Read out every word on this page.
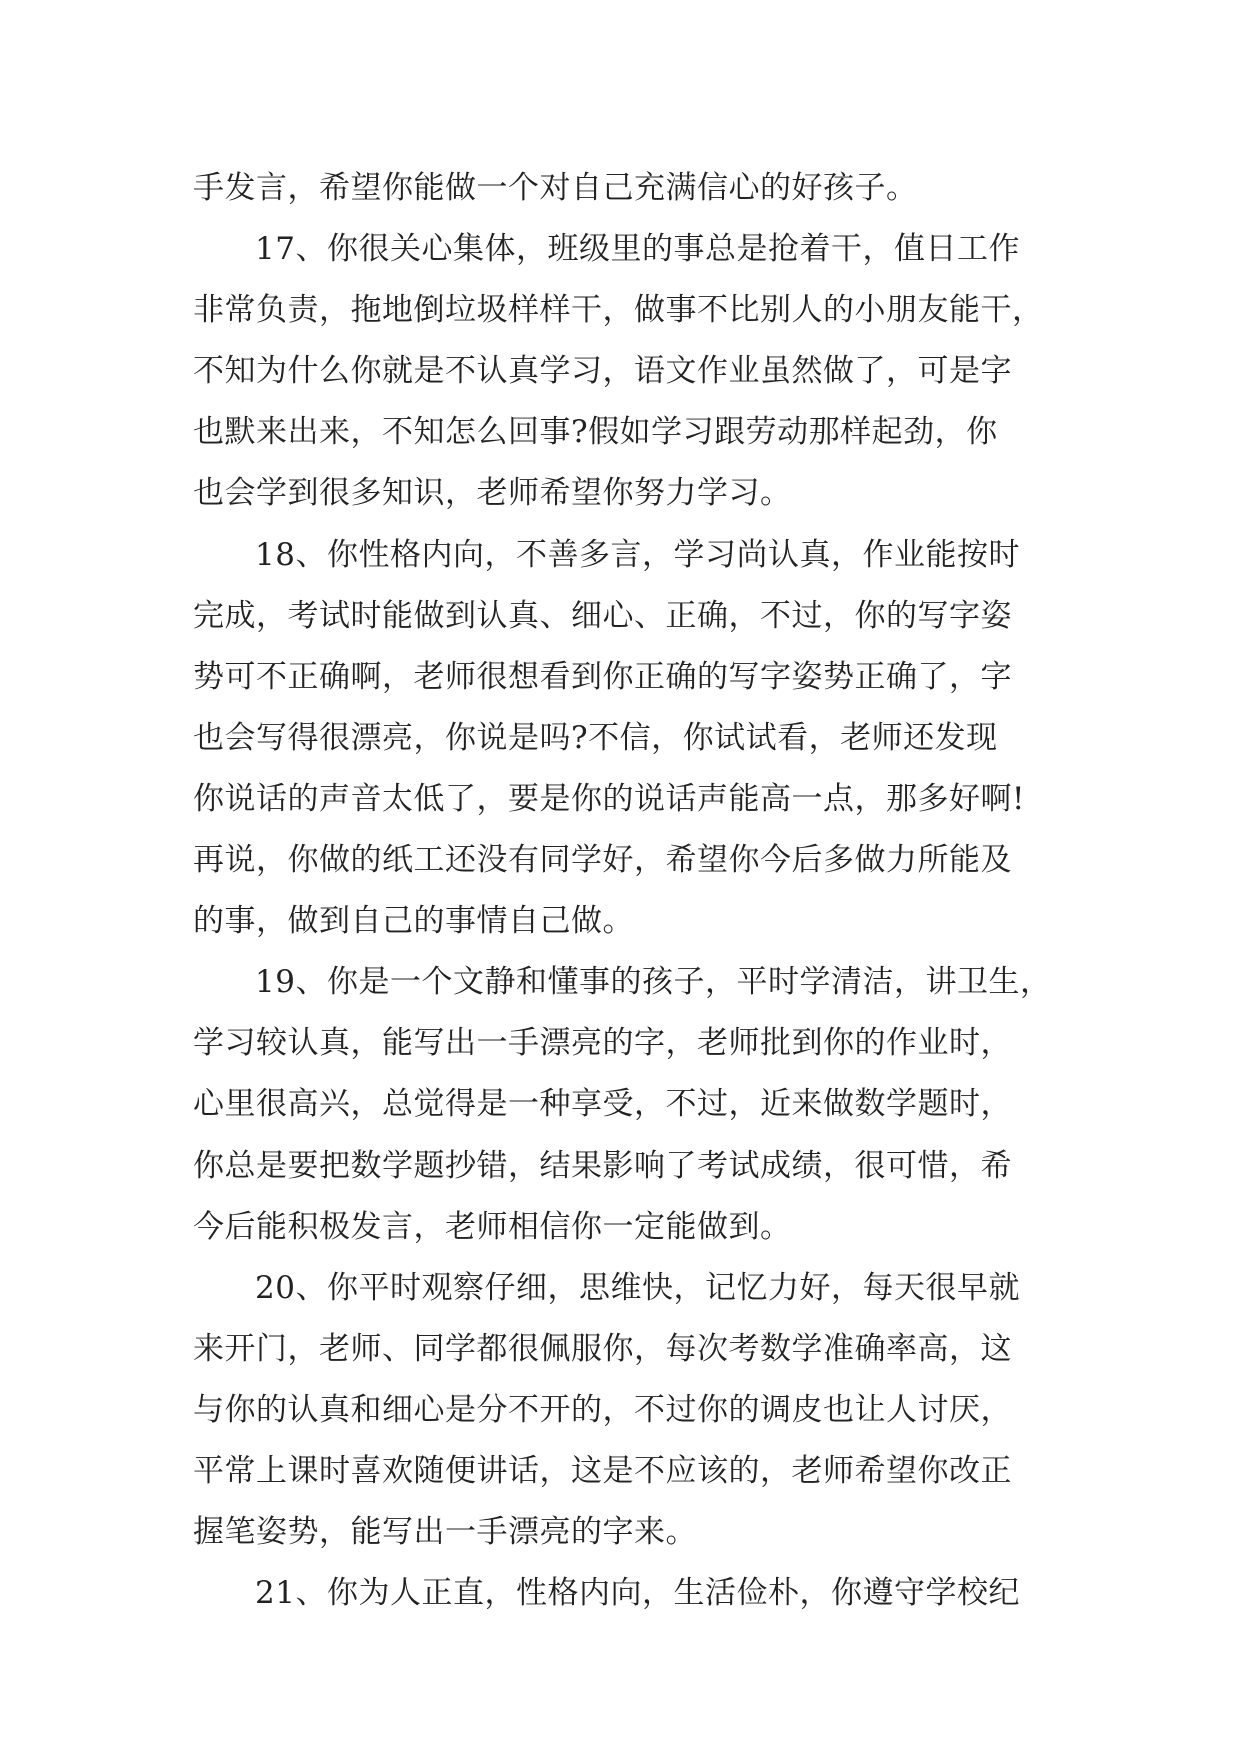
手发言，希望你能做一个对自己充满信心的好孩子。
17、你很关心集体，班级里的事总是抢着干，值日工作
非常负责，拖地倒垃圾样样干，做事不比别人的小朋友能干，
不知为什么你就是不认真学习，语文作业虽然做了，可是字
也默来出来，不知怎么回事?假如学习跟劳动那样起劲，你
也会学到很多知识，老师希望你努力学习。
18、你性格内向，不善多言，学习尚认真，作业能按时
完成，考试时能做到认真、细心、正确，不过，你的写字姿
势可不正确啊，老师很想看到你正确的写字姿势正确了，字
也会写得很漂亮，你说是吗?不信，你试试看，老师还发现
你说话的声音太低了，要是你的说话声能高一点，那多好啊!
再说，你做的纸工还没有同学好，希望你今后多做力所能及
的事，做到自己的事情自己做。
19、你是一个文静和懂事的孩子，平时学清洁，讲卫生，
学习较认真，能写出一手漂亮的字，老师批到你的作业时，
心里很高兴，总觉得是一种享受，不过，近来做数学题时，
你总是要把数学题抄错，结果影响了考试成绩，很可惜，希
今后能积极发言，老师相信你一定能做到。
20、你平时观察仔细，思维快，记忆力好，每天很早就
来开门，老师、同学都很佩服你，每次考数学准确率高，这
与你的认真和细心是分不开的，不过你的调皮也让人讨厌，
平常上课时喜欢随便讲话，这是不应该的，老师希望你改正
握笔姿势，能写出一手漂亮的字来。
21、你为人正直，性格内向，生活俭朴，你遵守学校纪
